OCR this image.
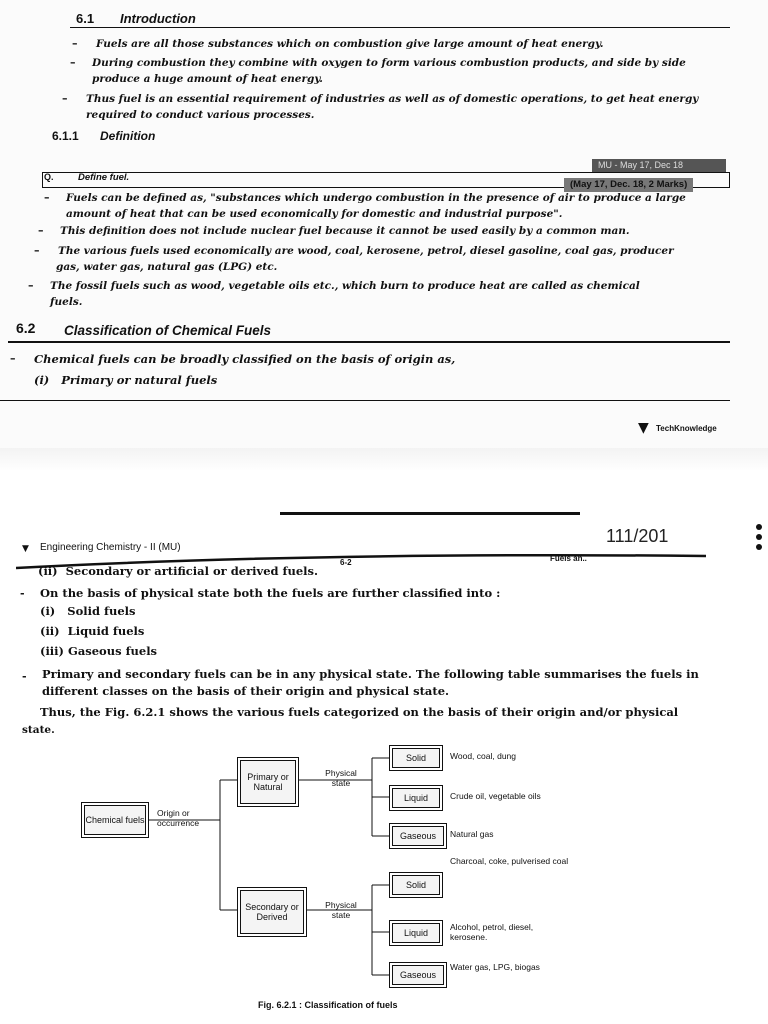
6.1 Introduction
– Fuels are all those substances which on combustion give large amount of heat energy.
– During combustion they combine with oxygen to form various combustion products, and side by side
produce a huge amount of heat energy.
– Thus fuel is an essential requirement of industries as well as of domestic operations, to get heat energy
required to conduct various processes.
6.1.1 Definition
MU - May 17, Dec 18
Q.	Define fuel.
(May 17, Dec. 18, 2 Marks)
– Fuels can be defined as, "substances which undergo combustion in the presence of air to produce a large
amount of heat that can be used economically for domestic and industrial purpose".
– This definition does not include nuclear fuel because it cannot be used easily by a common man.
– The various fuels used economically are wood, coal, kerosene, petrol, diesel gasoline, coal gas, producer
gas, water gas, natural gas (LPG) etc.
– The fossil fuels such as wood, vegetable oils etc., which burn to produce heat are called as chemical
fuels.
6.2 Classification of Chemical Fuels
– Chemical fuels can be broadly classified on the basis of origin as,
(i)   Primary or natural fuels
▼ TechKnowledge
111/201
▼ Engineering Chemistry - II (MU)
6-2	Fuels an..
(ii)  Secondary or artificial or derived fuels.
- On the basis of physical state both the fuels are further classified into :
(i)   Solid fuels
(ii)  Liquid fuels
(iii) Gaseous fuels
- Primary and secondary fuels can be in any physical state. The following table summarises the fuels in
different classes on the basis of their origin and physical state.
Thus, the Fig. 6.2.1 shows the various fuels categorized on the basis of their origin and/or physical
state.
Chemical fuels
Origin or occurrence
Primary or Natural
Physical state
Solid	Wood, coal, dung
Liquid	Crude oil, vegetable oils
Gaseous	Natural gas
Secondary or Derived
Physical state
Solid
Charcoal, coke, pulverised coal
Liquid
Alcohol, petrol, diesel, kerosene.
Gaseous
Water gas, LPG, biogas
Fig. 6.2.1 : Classification of fuels
